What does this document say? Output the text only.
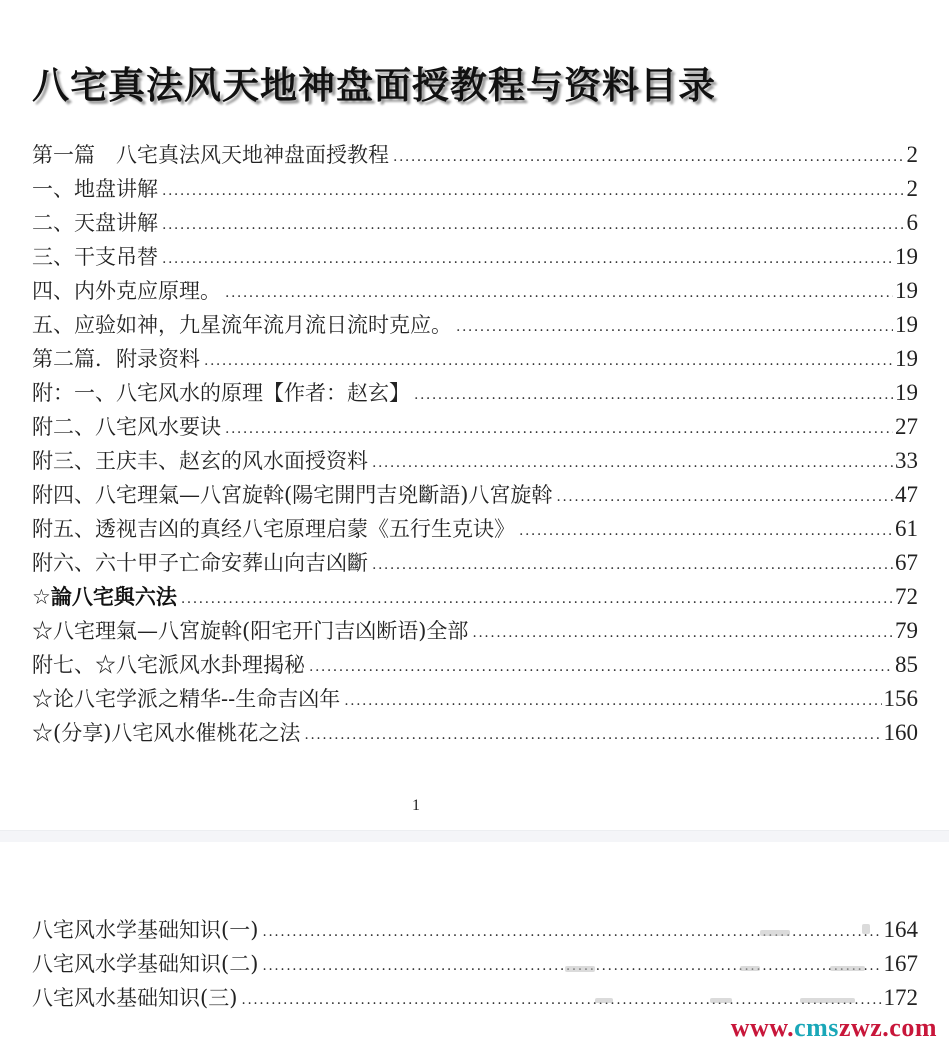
八宅真法风天地神盘面授教程与资料目录
第一篇　八宅真法风天地神盘面授教程 .....	2
一、地盘讲解 .....	2
二、天盘讲解 .....	6
三、干支吊替 .....	19
四、内外克应原理。 .....	19
五、应验如神，九星流年流月流日流时克应。 .....	19
第二篇．附录资料 .....	19
附：一、八宅风水的原理【作者：赵玄】 .....	19
附二、八宅风水要诀 .....	27
附三、王庆丰、赵玄的风水面授资料 .....	33
附四、八宅理氣—八宮旋斡(陽宅開門吉兇斷語)八宮旋斡 .....	47
附五、透视吉凶的真经八宅原理启蒙《五行生克诀》 .....	61
附六、六十甲子亡命安葬山向吉凶斷 .....	67
☆論八宅與六法 .....	72
☆八宅理氣—八宮旋斡(阳宅开门吉凶断语)全部 .....	79
附七、☆八宅派风水卦理揭秘 .....	85
☆论八宅学派之精华--生命吉凶年 .....	156
☆(分享)八宅风水催桃花之法 .....	160
1
八宅风水学基础知识(一) .....	164
八宅风水学基础知识(二) .....	167
八宅风水基础知识(三) .....	172
www.cmszwz.com
